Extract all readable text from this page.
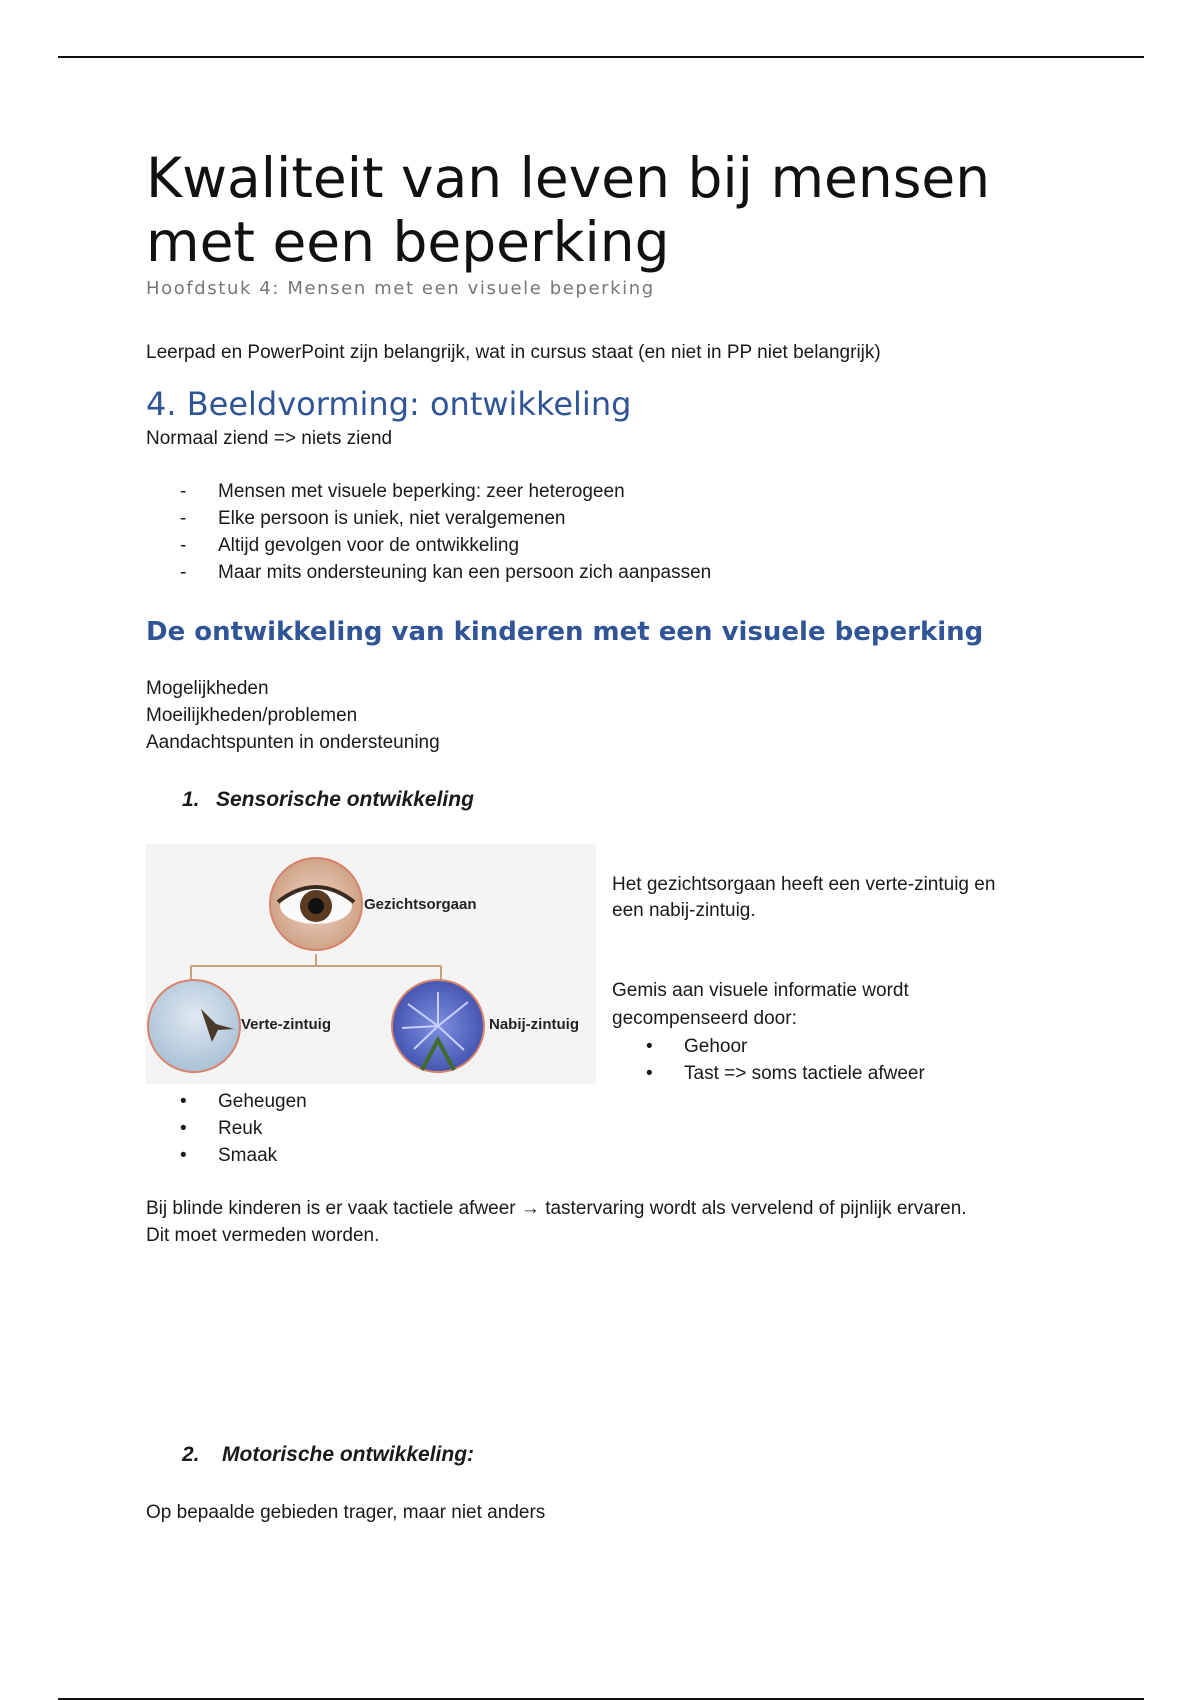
Kwaliteit van leven bij mensen met een beperking
Hoofdstuk 4: Mensen met een visuele beperking
Leerpad en PowerPoint zijn belangrijk, wat in cursus staat (en niet in PP niet belangrijk)
4. Beeldvorming: ontwikkeling
Normaal ziend => niets ziend
- Mensen met visuele beperking: zeer heterogeen
- Elke persoon is uniek, niet veralgemenen
- Altijd gevolgen voor de ontwikkeling
- Maar mits ondersteuning kan een persoon zich aanpassen
De ontwikkeling van kinderen met een visuele beperking
Mogelijkheden
Moeilijkheden/problemen
Aandachtspunten in ondersteuning
1. Sensorische ontwikkeling
Gezichtsorgaan
Verte-zintuig	Nabij-zintuig
Het gezichtsorgaan heeft een verte-zintuig en
een nabij-zintuig.
Gemis aan visuele informatie wordt
gecompenseerd door:
• Gehoor
• Tast => soms tactiele afweer
• Geheugen
• Reuk
• Smaak
Bij blinde kinderen is er vaak tactiele afweer → tastervaring wordt als vervelend of pijnlijk ervaren.
Dit moet vermeden worden.
2. Motorische ontwikkeling:
Op bepaalde gebieden trager, maar niet anders
